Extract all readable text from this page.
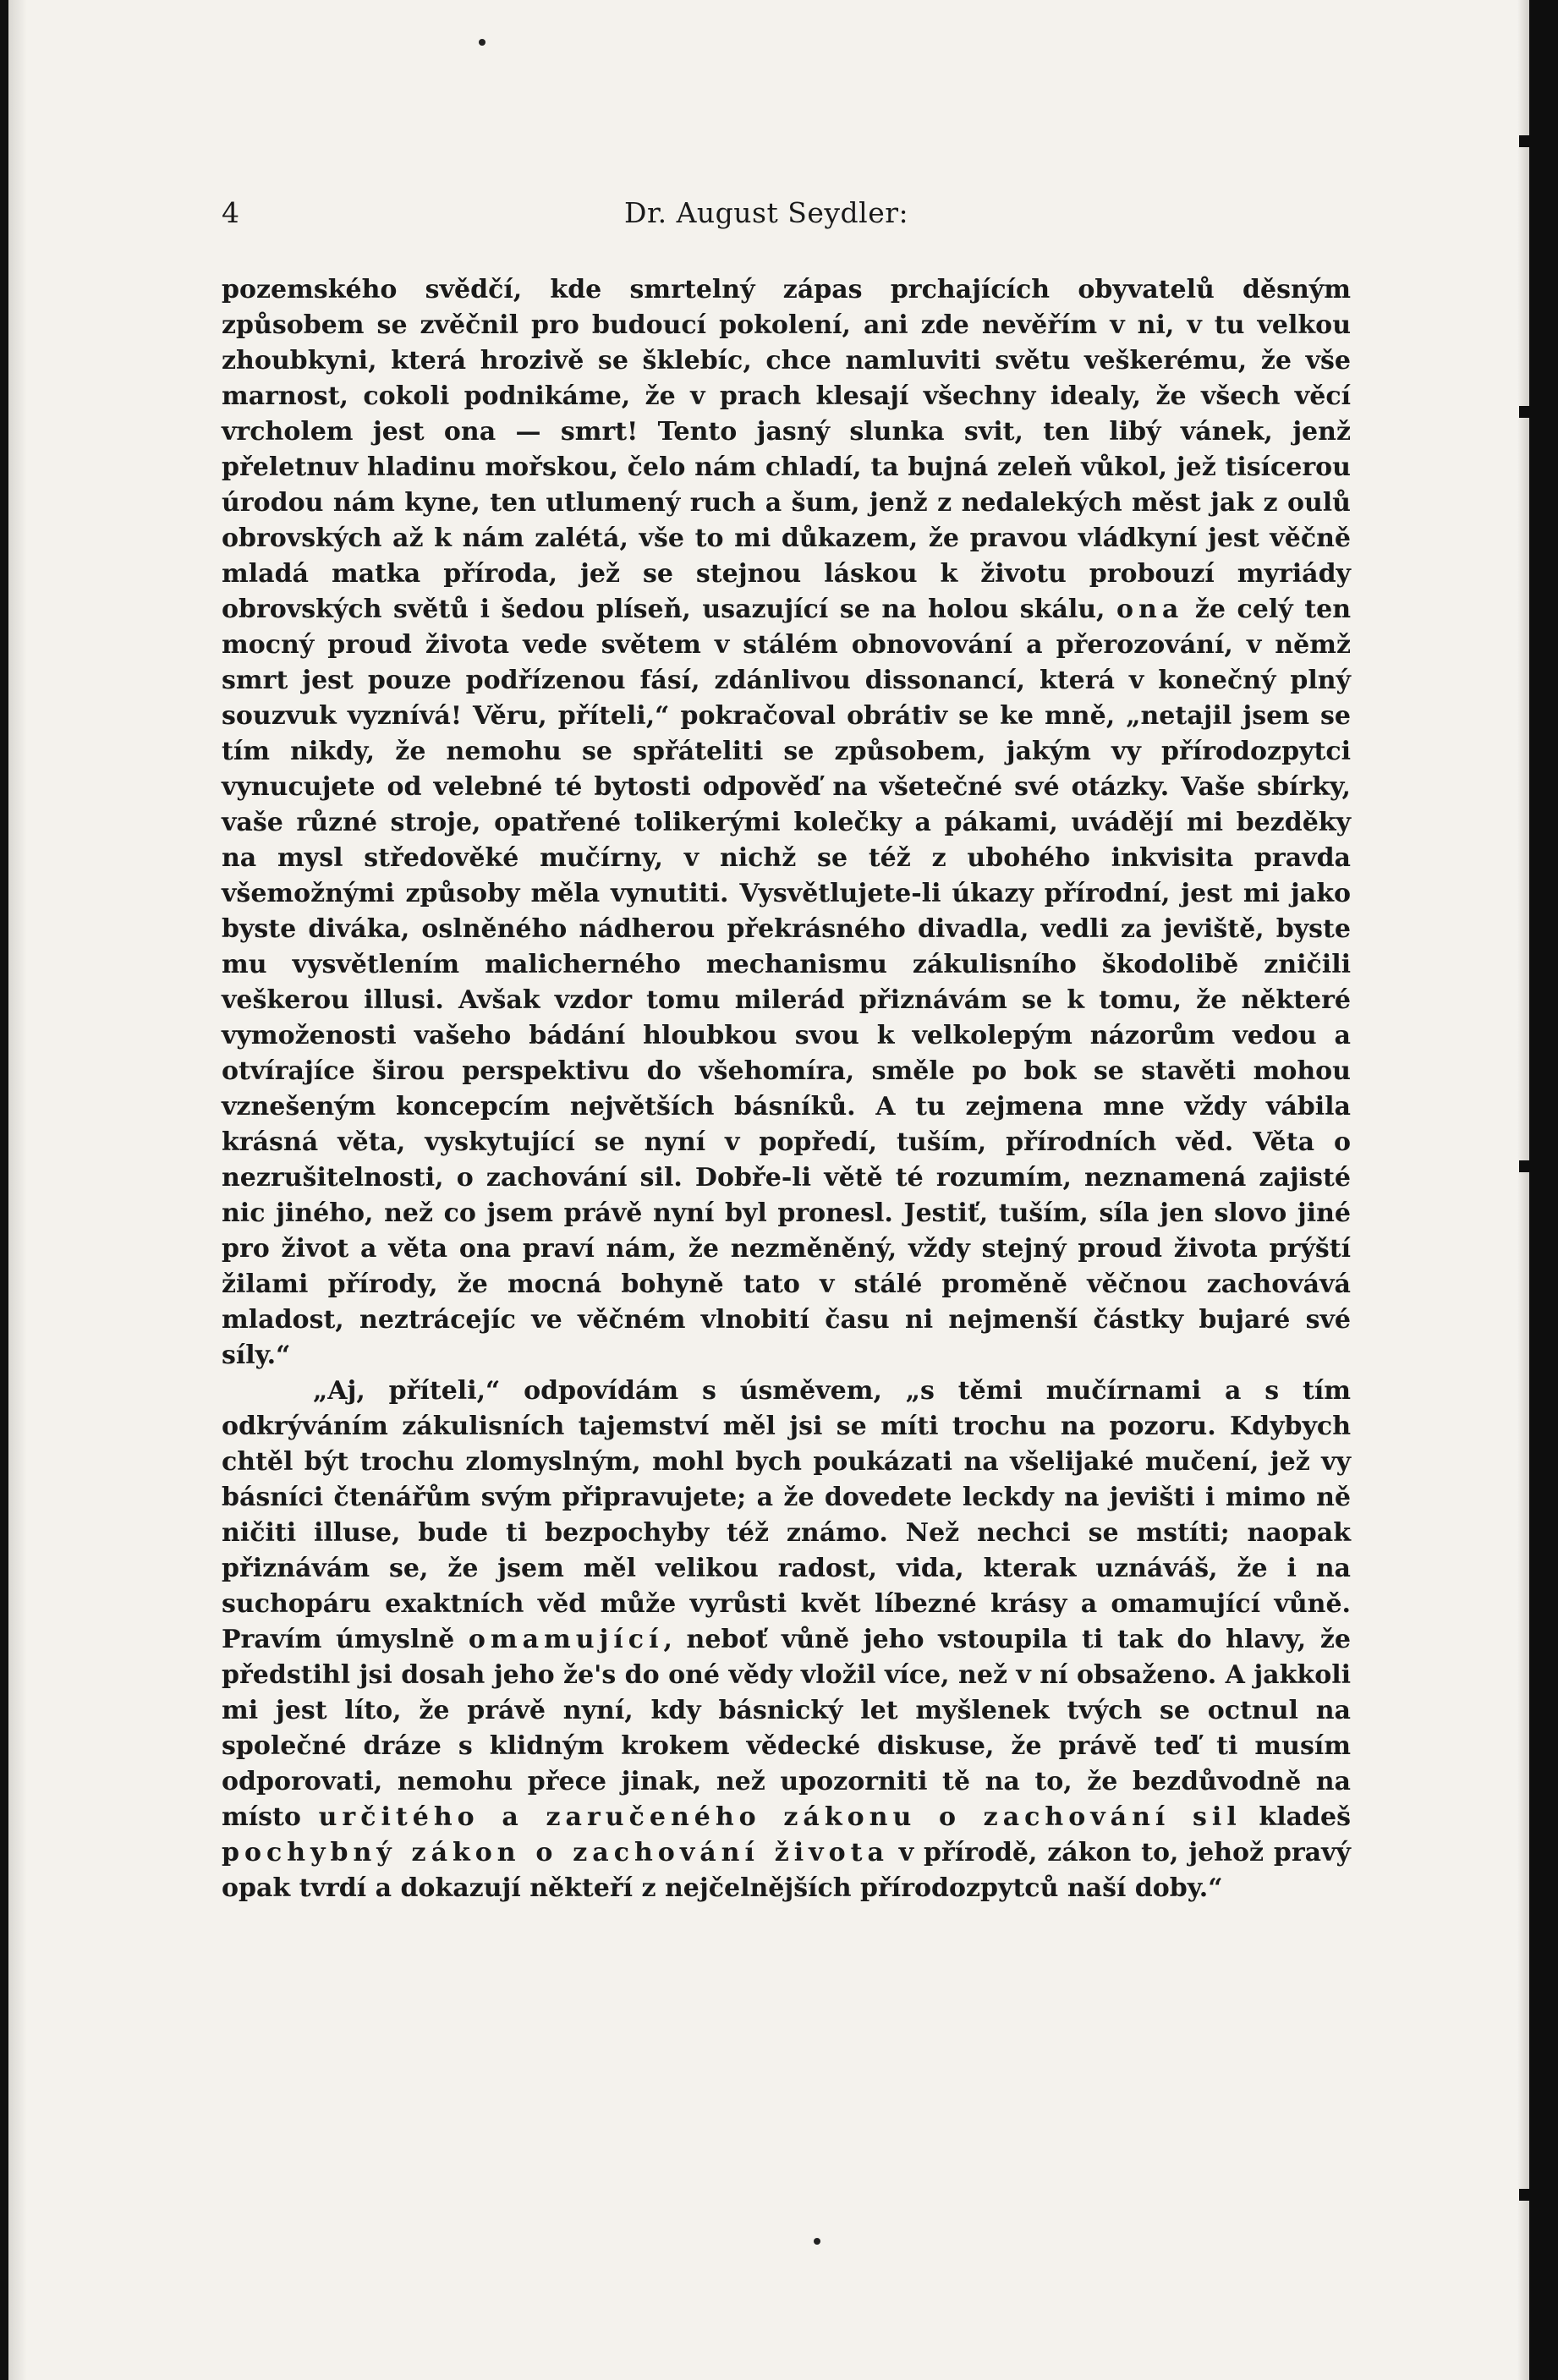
4	Dr. August Seydler:

pozemského svědčí, kde smrtelný zápas prchajících obyvatelů děsným způsobem se zvěčnil pro budoucí pokolení, ani zde nevěřím v ni, v tu velkou zhoubkyni, která hrozivě se šklebíc, chce namluviti světu veškerému, že vše marnost, cokoli podnikáme, že v prach klesají všechny idealy, že všech věcí vrcholem jest ona — smrt! Tento jasný slunka svit, ten libý vánek, jenž přeletnuv hladinu mořskou, čelo nám chladí, ta bujná zeleň vůkol, jež tisícerou úrodou nám kyne, ten utlumený ruch a šum, jenž z nedalekých měst jak z oulů obrovských až k nám zalétá, vše to mi důkazem, že pravou vládkyní jest věčně mladá matka příroda, jež se stejnou láskou k životu probouzí myriády obrovských světů i šedou plíseň, usazující se na holou skálu, ona že celý ten mocný proud života vede světem v stálém obnovování a přerozování, v němž smrt jest pouze podřízenou fásí, zdánlivou dissonancí, která v konečný plný souzvuk vyznívá! Věru, příteli,“ pokračoval obrátiv se ke mně, „netajil jsem se tím nikdy, že nemohu se spřáteliti se způsobem, jakým vy přírodozpytci vynucujete od velebné té bytosti odpověď na všetečné své otázky. Vaše sbírky, vaše různé stroje, opatřené tolikerými kolečky a pákami, uvádějí mi bezděky na mysl středověké mučírny, v nichž se též z ubohého inkvisita pravda všemožnými způsoby měla vynutiti. Vysvětlujete-li úkazy přírodní, jest mi jako byste diváka, oslněného nádherou překrásného divadla, vedli za jeviště, byste mu vysvětlením malicherného mechanismu zákulisního škodolibě zničili veškerou illusi. Avšak vzdor tomu milerád přiznávám se k tomu, že některé vymoženosti vašeho bádání hloubkou svou k velkolepým názorům vedou a otvírajíce širou perspektivu do všehomíra, směle po bok se stavěti mohou vznešeným koncepcím největších básníků. A tu zejmena mne vždy vábila krásná věta, vyskytující se nyní v popředí, tuším, přírodních věd. Věta o nezrušitelnosti, o zachování sil. Dobře-li větě té rozumím, neznamená zajisté nic jiného, než co jsem právě nyní byl pronesl. Jestiť, tuším, síla jen slovo jiné pro život a věta ona praví nám, že nezměněný, vždy stejný proud života prýští žilami přírody, že mocná bohyně tato v stálé proměně věčnou zachovává mladost, neztrácejíc ve věčném vlnobití času ni nejmenší částky bujaré své síly.“

„Aj, příteli,“ odpovídám s úsměvem, „s těmi mučírnami a s tím odkrýváním zákulisních tajemství měl jsi se míti trochu na pozoru. Kdybych chtěl být trochu zlomyslným, mohl bych poukázati na všelijaké mučení, jež vy básníci čtenářům svým připravujete; a že dovedete leckdy na jevišti i mimo ně ničiti illuse, bude ti bezpochyby též známo. Než nechci se mstíti; naopak přiznávám se, že jsem měl velikou radost, vida, kterak uznáváš, že i na suchopáru exaktních věd může vyrůsti květ líbezné krásy a omamující vůně. Pravím úmyslně omamující, neboť vůně jeho vstoupila ti tak do hlavy, že předstihl jsi dosah jeho že's do oné vědy vložil více, než v ní obsaženo. A jakkoli mi jest líto, že právě nyní, kdy básnický let myšlenek tvých se octnul na společné dráze s klidným krokem vědecké diskuse, že právě teď ti musím odporovati, nemohu přece jinak, než upozorniti tě na to, že bezdůvodně na místo určitého a zaručeného zákonu o zachování sil kladeš pochybný zákon o zachování života v přírodě, zákon to, jehož pravý opak tvrdí a dokazují někteří z nejčelnějších přírodozpytců naší doby.“
